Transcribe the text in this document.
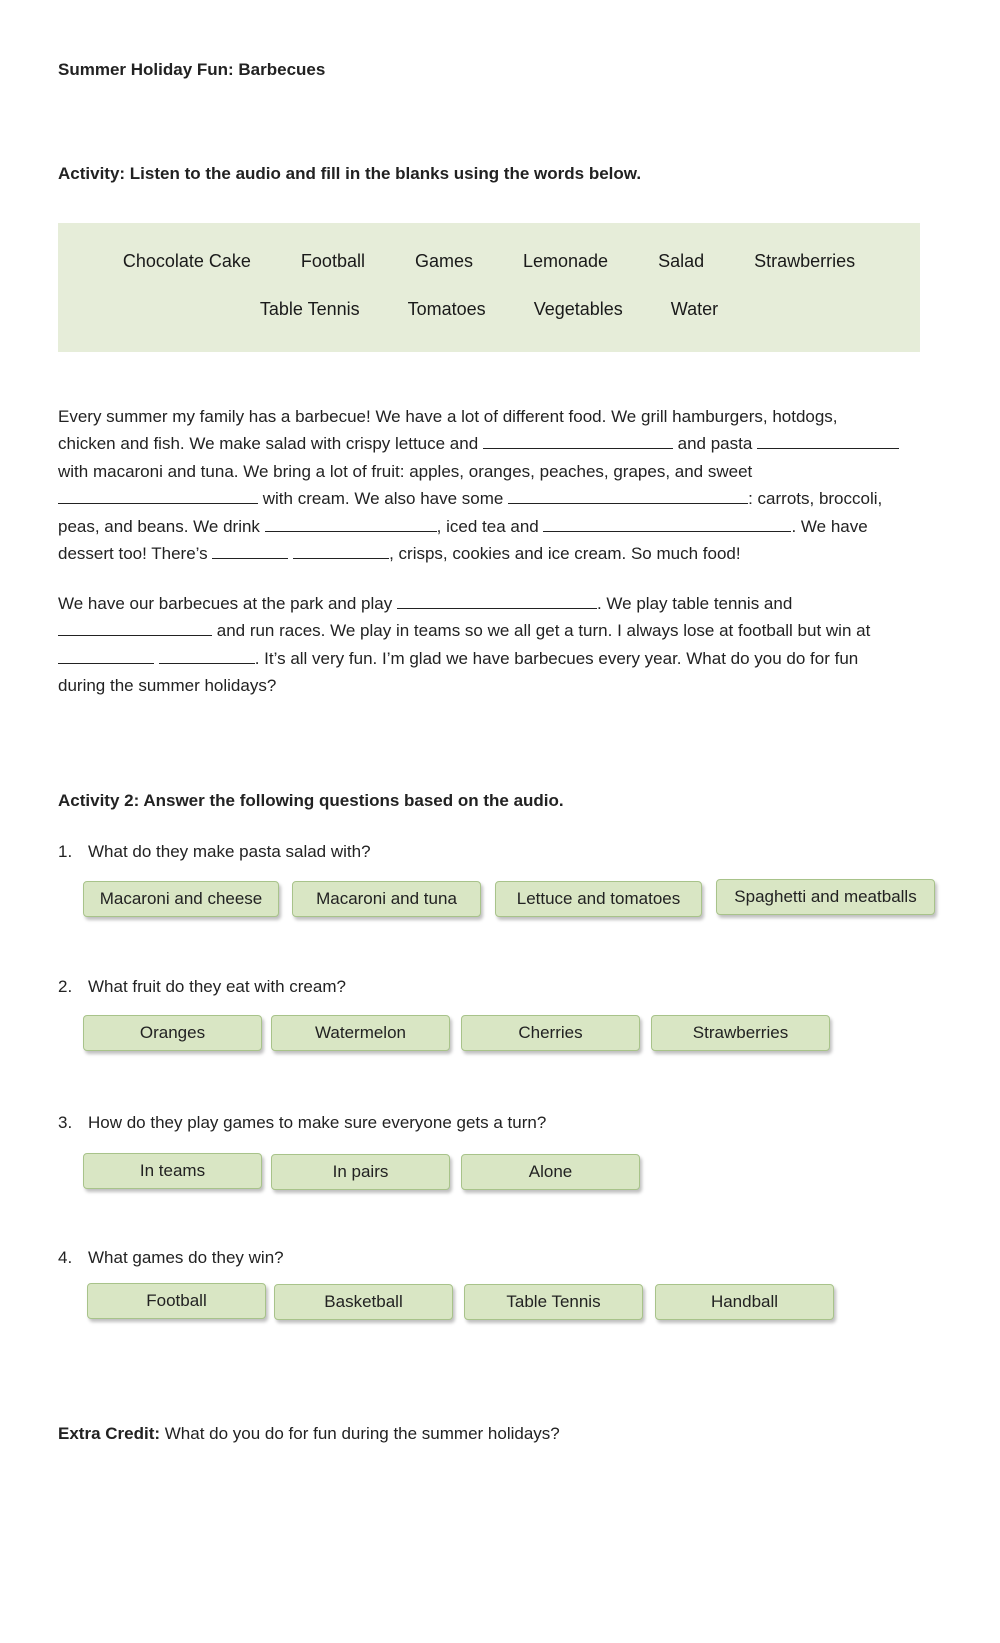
Summer Holiday Fun: Barbecues
Activity: Listen to the audio and fill in the blanks using the words below.
Chocolate Cake	Football	Games	Lemonade	Salad	Strawberries
Table Tennis	Tomatoes	Vegetables	Water
Every summer my family has a barbecue! We have a lot of different food. We grill hamburgers, hotdogs,
chicken and fish. We make salad with crispy lettuce and	and pasta
with macaroni and tuna. We bring a lot of fruit: apples, oranges, peaches, grapes, and sweet
with cream. We also have some	: carrots, broccoli,
peas, and beans. We drink	, iced tea and	. We have
dessert too! There’s	, crisps, cookies and ice cream. So much food!
We have our barbecues at the park and play	. We play table tennis and
and run races. We play in teams so we all get a turn. I always lose at football but win at
. It’s all very fun. I’m glad we have barbecues every year. What do you do for fun
during the summer holidays?
Activity 2: Answer the following questions based on the audio.
1. What do they make pasta salad with?
Macaroni and cheese	Macaroni and tuna	Lettuce and tomatoes	Spaghetti and meatballs
2. What fruit do they eat with cream?
Oranges	Watermelon	Cherries	Strawberries
3. How do they play games to make sure everyone gets a turn?
In teams	In pairs	Alone
4. What games do they win?
Football	Basketball	Table Tennis	Handball
Extra Credit: What do you do for fun during the summer holidays?
